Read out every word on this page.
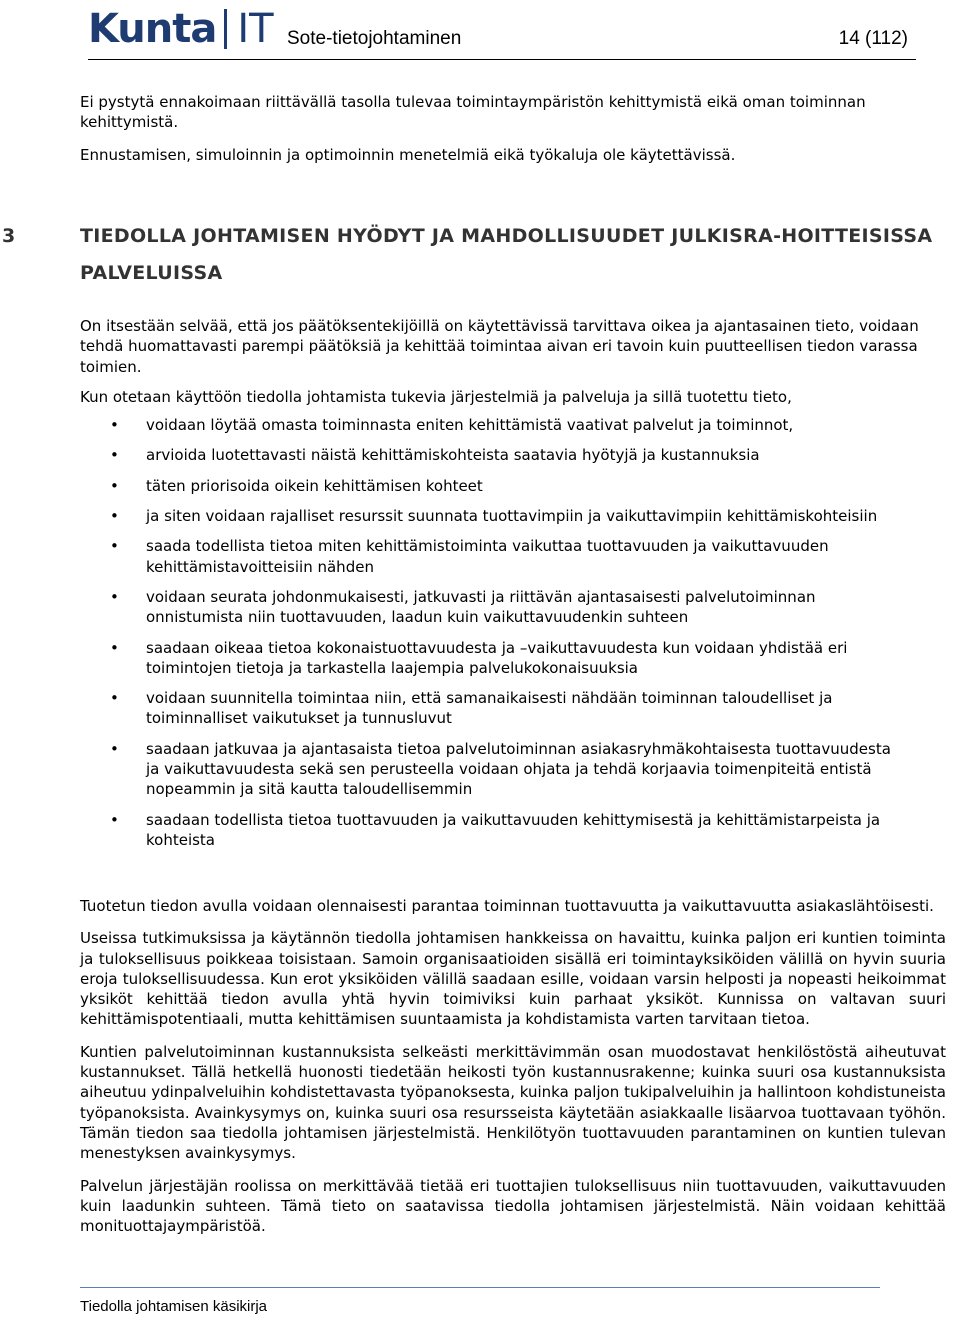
Kunta IT Sote-tietojohtaminen	14 (112)

Ei pystytä ennakoimaan riittävällä tasolla tulevaa toimintaympäristön kehittymistä eikä oman toiminnan kehittymistä.

Ennustamisen, simuloinnin ja optimoinnin menetelmiä eikä työkaluja ole käytettävissä.

3	TIEDOLLA JOHTAMISEN HYÖDYT JA MAHDOLLISUUDET JULKISRA-HOITTEISISSA PALVELUISSA

On itsestään selvää, että jos päätöksentekijöillä on käytettävissä tarvittava oikea ja ajantasainen tieto, voidaan tehdä huomattavasti parempi päätöksiä ja kehittää toimintaa aivan eri tavoin kuin puutteellisen tiedon varassa toimien.

Kun otetaan käyttöön tiedolla johtamista tukevia järjestelmiä ja palveluja ja sillä tuotettu tieto,

• voidaan löytää omasta toiminnasta eniten kehittämistä vaativat palvelut ja toiminnot,
• arvioida luotettavasti näistä kehittämiskohteista saatavia hyötyjä ja kustannuksia
• täten priorisoida oikein kehittämisen kohteet
• ja siten voidaan rajalliset resurssit suunnata tuottavimpiin ja vaikuttavimpiin kehittämiskohteisiin
• saada todellista tietoa miten kehittämistoiminta vaikuttaa tuottavuuden ja vaikuttavuuden kehittämistavoitteisiin nähden
• voidaan seurata johdonmukaisesti, jatkuvasti ja riittävän ajantasaisesti palvelutoiminnan onnistumista niin tuottavuuden, laadun kuin vaikuttavuudenkin suhteen
• saadaan oikeaa tietoa kokonaistuottavuudesta ja –vaikuttavuudesta kun voidaan yhdistää eri toimintojen tietoja ja tarkastella laajempia palvelukokonaisuuksia
• voidaan suunnitella toimintaa niin, että samanaikaisesti nähdään toiminnan taloudelliset ja toiminnalliset vaikutukset ja tunnusluvut
• saadaan jatkuvaa ja ajantasaista tietoa palvelutoiminnan asiakasryhmäkohtaisesta tuottavuudesta ja vaikuttavuudesta sekä sen perusteella voidaan ohjata ja tehdä korjaavia toimenpiteitä entistä nopeammin ja sitä kautta taloudellisemmin
• saadaan todellista tietoa tuottavuuden ja vaikuttavuuden kehittymisestä ja kehittämistarpeista ja kohteista

Tuotetun tiedon avulla voidaan olennaisesti parantaa toiminnan tuottavuutta ja vaikuttavuutta asiakaslähtöisesti.

Useissa tutkimuksissa ja käytännön tiedolla johtamisen hankkeissa on havaittu, kuinka paljon eri kuntien toiminta ja tuloksellisuus poikkeaa toisistaan. Samoin organisaatioiden sisällä eri toimintayksiköiden välillä on hyvin suuria eroja tuloksellisuudessa. Kun erot yksiköiden välillä saadaan esille, voidaan varsin helposti ja nopeasti heikoimmat yksiköt kehittää tiedon avulla yhtä hyvin toimiviksi kuin parhaat yksiköt. Kunnissa on valtavan suuri kehittämispotentiaali, mutta kehittämisen suuntaamista ja kohdistamista varten tarvitaan tietoa.

Kuntien palvelutoiminnan kustannuksista selkeästi merkittävimmän osan muodostavat henkilöstöstä aiheutuvat kustannukset. Tällä hetkellä huonosti tiedetään heikosti työn kustannusrakenne; kuinka suuri osa kustannuksista aiheutuu ydinpalveluihin kohdistettavasta työpanoksesta, kuinka paljon tukipalveluihin ja hallintoon kohdistuneista työpanoksista. Avainkysymys on, kuinka suuri osa resursseista käytetään asiakkaalle lisäarvoa tuottavaan työhön. Tämän tiedon saa tiedolla johtamisen järjestelmistä. Henkilötyön tuottavuuden parantaminen on kuntien tulevan menestyksen avainkysymys.

Palvelun järjestäjän roolissa on merkittävää tietää eri tuottajien tuloksellisuus niin tuottavuuden, vaikuttavuuden kuin laadunkin suhteen. Tämä tieto on saatavissa tiedolla johtamisen järjestelmistä. Näin voidaan kehittää monituottajaympäristöä.

Tiedolla johtamisen käsikirja
